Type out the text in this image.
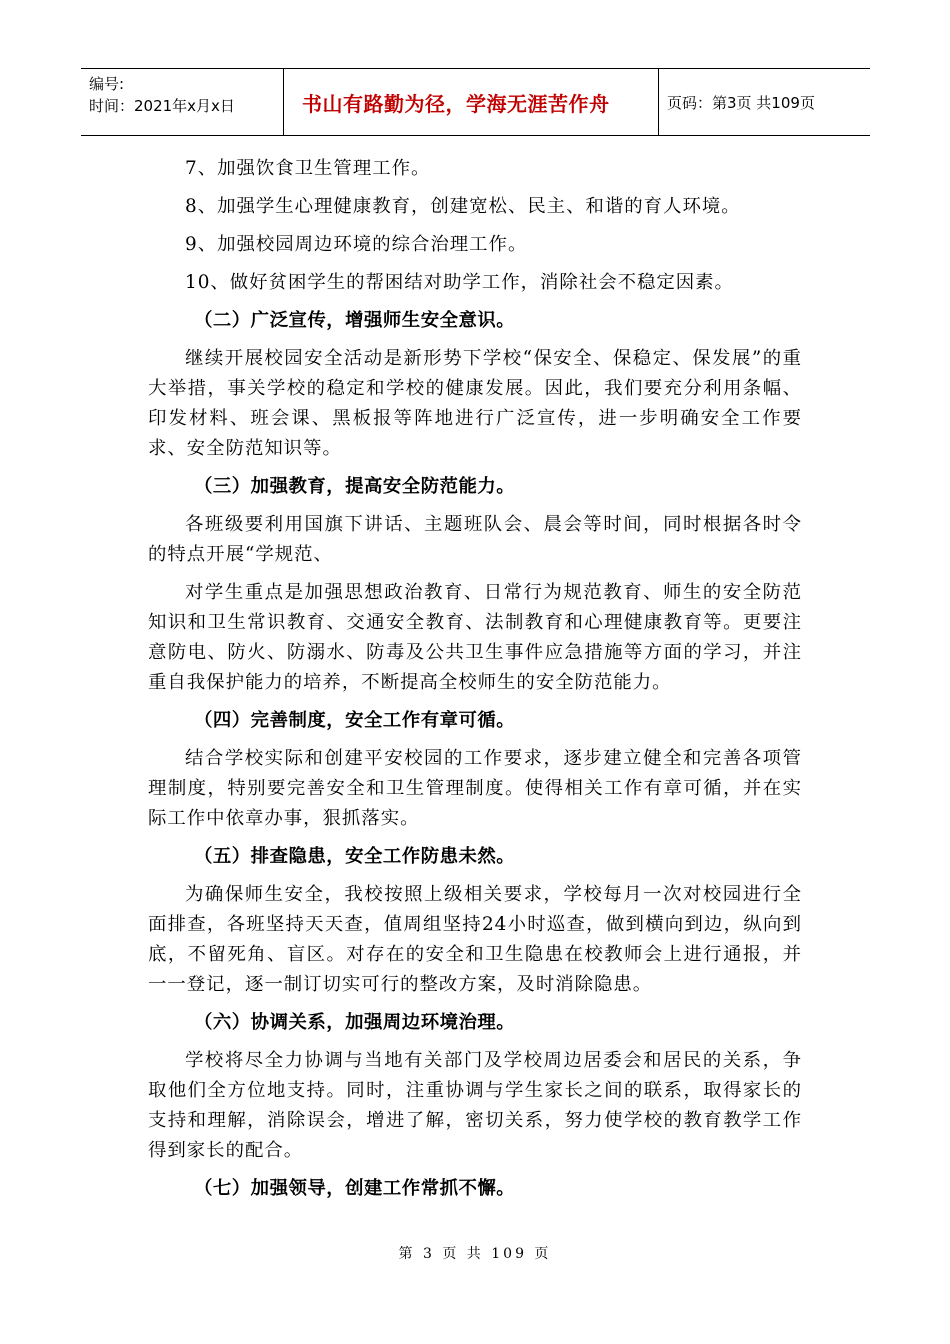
编号:
时间：2021年x月x日	书山有路勤为径，学海无涯苦作舟	页码：第3页 共109页

7、加强饮食卫生管理工作。

8、加强学生心理健康教育，创建宽松、民主、和谐的育人环境。

9、加强校园周边环境的综合治理工作。

10、做好贫困学生的帮困结对助学工作，消除社会不稳定因素。

（二）广泛宣传，增强师生安全意识。

继续开展校园安全活动是新形势下学校“保安全、保稳定、保发展”的重大举措，事关学校的稳定和学校的健康发展。因此，我们要充分利用条幅、印发材料、班会课、黑板报等阵地进行广泛宣传，进一步明确安全工作要求、安全防范知识等。

（三）加强教育，提高安全防范能力。

各班级要利用国旗下讲话、主题班队会、晨会等时间，同时根据各时令的特点开展“学规范、

对学生重点是加强思想政治教育、日常行为规范教育、师生的安全防范知识和卫生常识教育、交通安全教育、法制教育和心理健康教育等。更要注意防电、防火、防溺水、防毒及公共卫生事件应急措施等方面的学习，并注重自我保护能力的培养，不断提高全校师生的安全防范能力。

（四）完善制度，安全工作有章可循。

结合学校实际和创建平安校园的工作要求，逐步建立健全和完善各项管理制度，特别要完善安全和卫生管理制度。使得相关工作有章可循，并在实际工作中依章办事，狠抓落实。

（五）排查隐患，安全工作防患未然。

为确保师生安全，我校按照上级相关要求，学校每月一次对校园进行全面排查，各班坚持天天查，值周组坚持24小时巡查，做到横向到边，纵向到底，不留死角、盲区。对存在的安全和卫生隐患在校教师会上进行通报，并一一登记，逐一制订切实可行的整改方案，及时消除隐患。

（六）协调关系，加强周边环境治理。

学校将尽全力协调与当地有关部门及学校周边居委会和居民的关系，争取他们全方位地支持。同时，注重协调与学生家长之间的联系，取得家长的支持和理解，消除误会，增进了解，密切关系，努力使学校的教育教学工作得到家长的配合。

（七）加强领导，创建工作常抓不懈。

第 3 页 共 109 页
